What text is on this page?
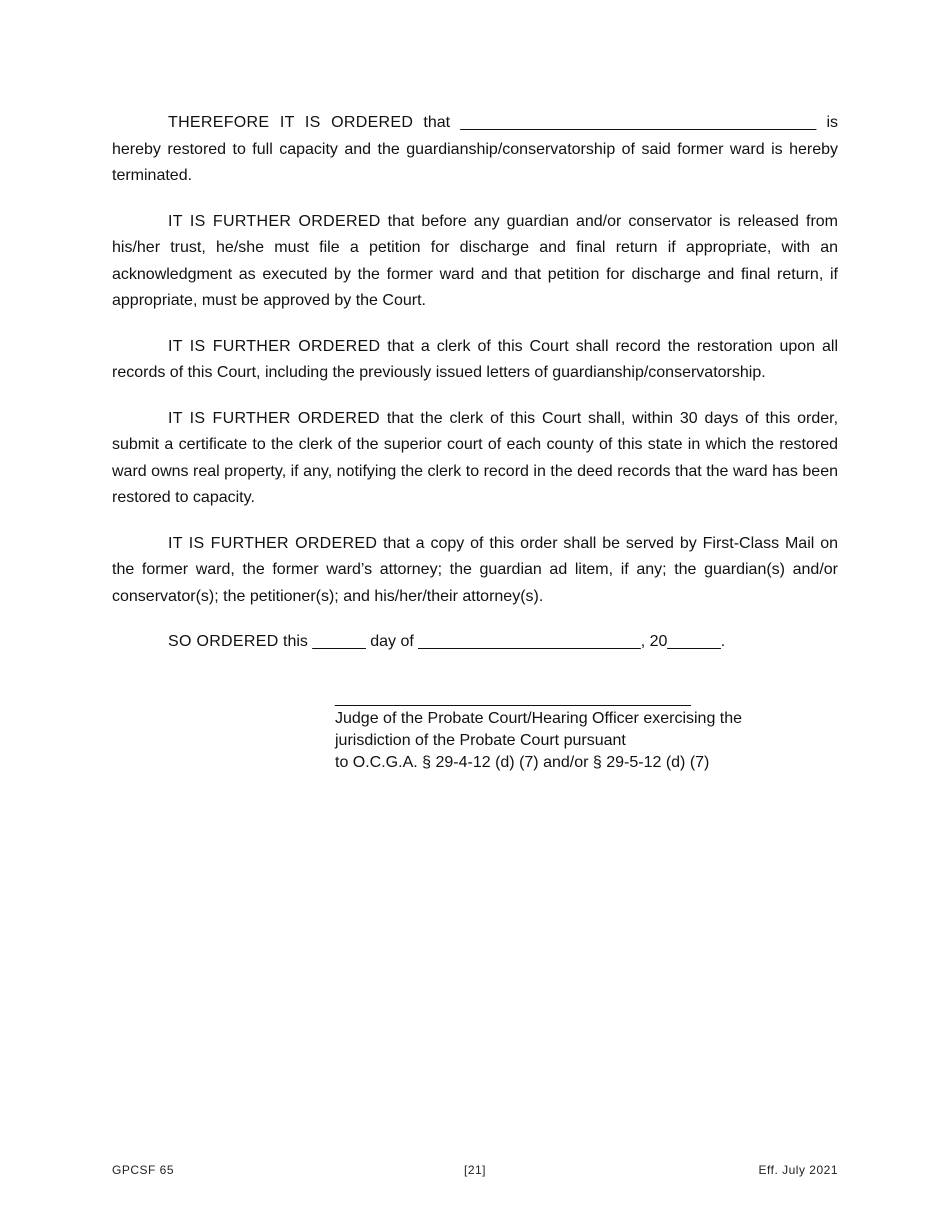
THEREFORE IT IS ORDERED that ________________________________________ is hereby restored to full capacity and the guardianship/conservatorship of said former ward is hereby terminated.

IT IS FURTHER ORDERED that before any guardian and/or conservator is released from his/her trust, he/she must file a petition for discharge and final return if appropriate, with an acknowledgment as executed by the former ward and that petition for discharge and final return, if appropriate, must be approved by the Court.

IT IS FURTHER ORDERED that a clerk of this Court shall record the restoration upon all records of this Court, including the previously issued letters of guardianship/conservatorship.

IT IS FURTHER ORDERED that the clerk of this Court shall, within 30 days of this order, submit a certificate to the clerk of the superior court of each county of this state in which the restored ward owns real property, if any, notifying the clerk to record in the deed records that the ward has been restored to capacity.

IT IS FURTHER ORDERED that a copy of this order shall be served by First-Class Mail on the former ward, the former ward’s attorney; the guardian ad litem, if any; the guardian(s) and/or conservator(s); the petitioner(s); and his/her/their attorney(s).

SO ORDERED this ______ day of _________________________, 20______.

________________________________________
Judge of the Probate Court/Hearing Officer exercising the
jurisdiction of the Probate Court pursuant
to O.C.G.A. § 29-4-12 (d) (7) and/or § 29-5-12 (d) (7)
GPCSF 65	[21]	Eff. July 2021
